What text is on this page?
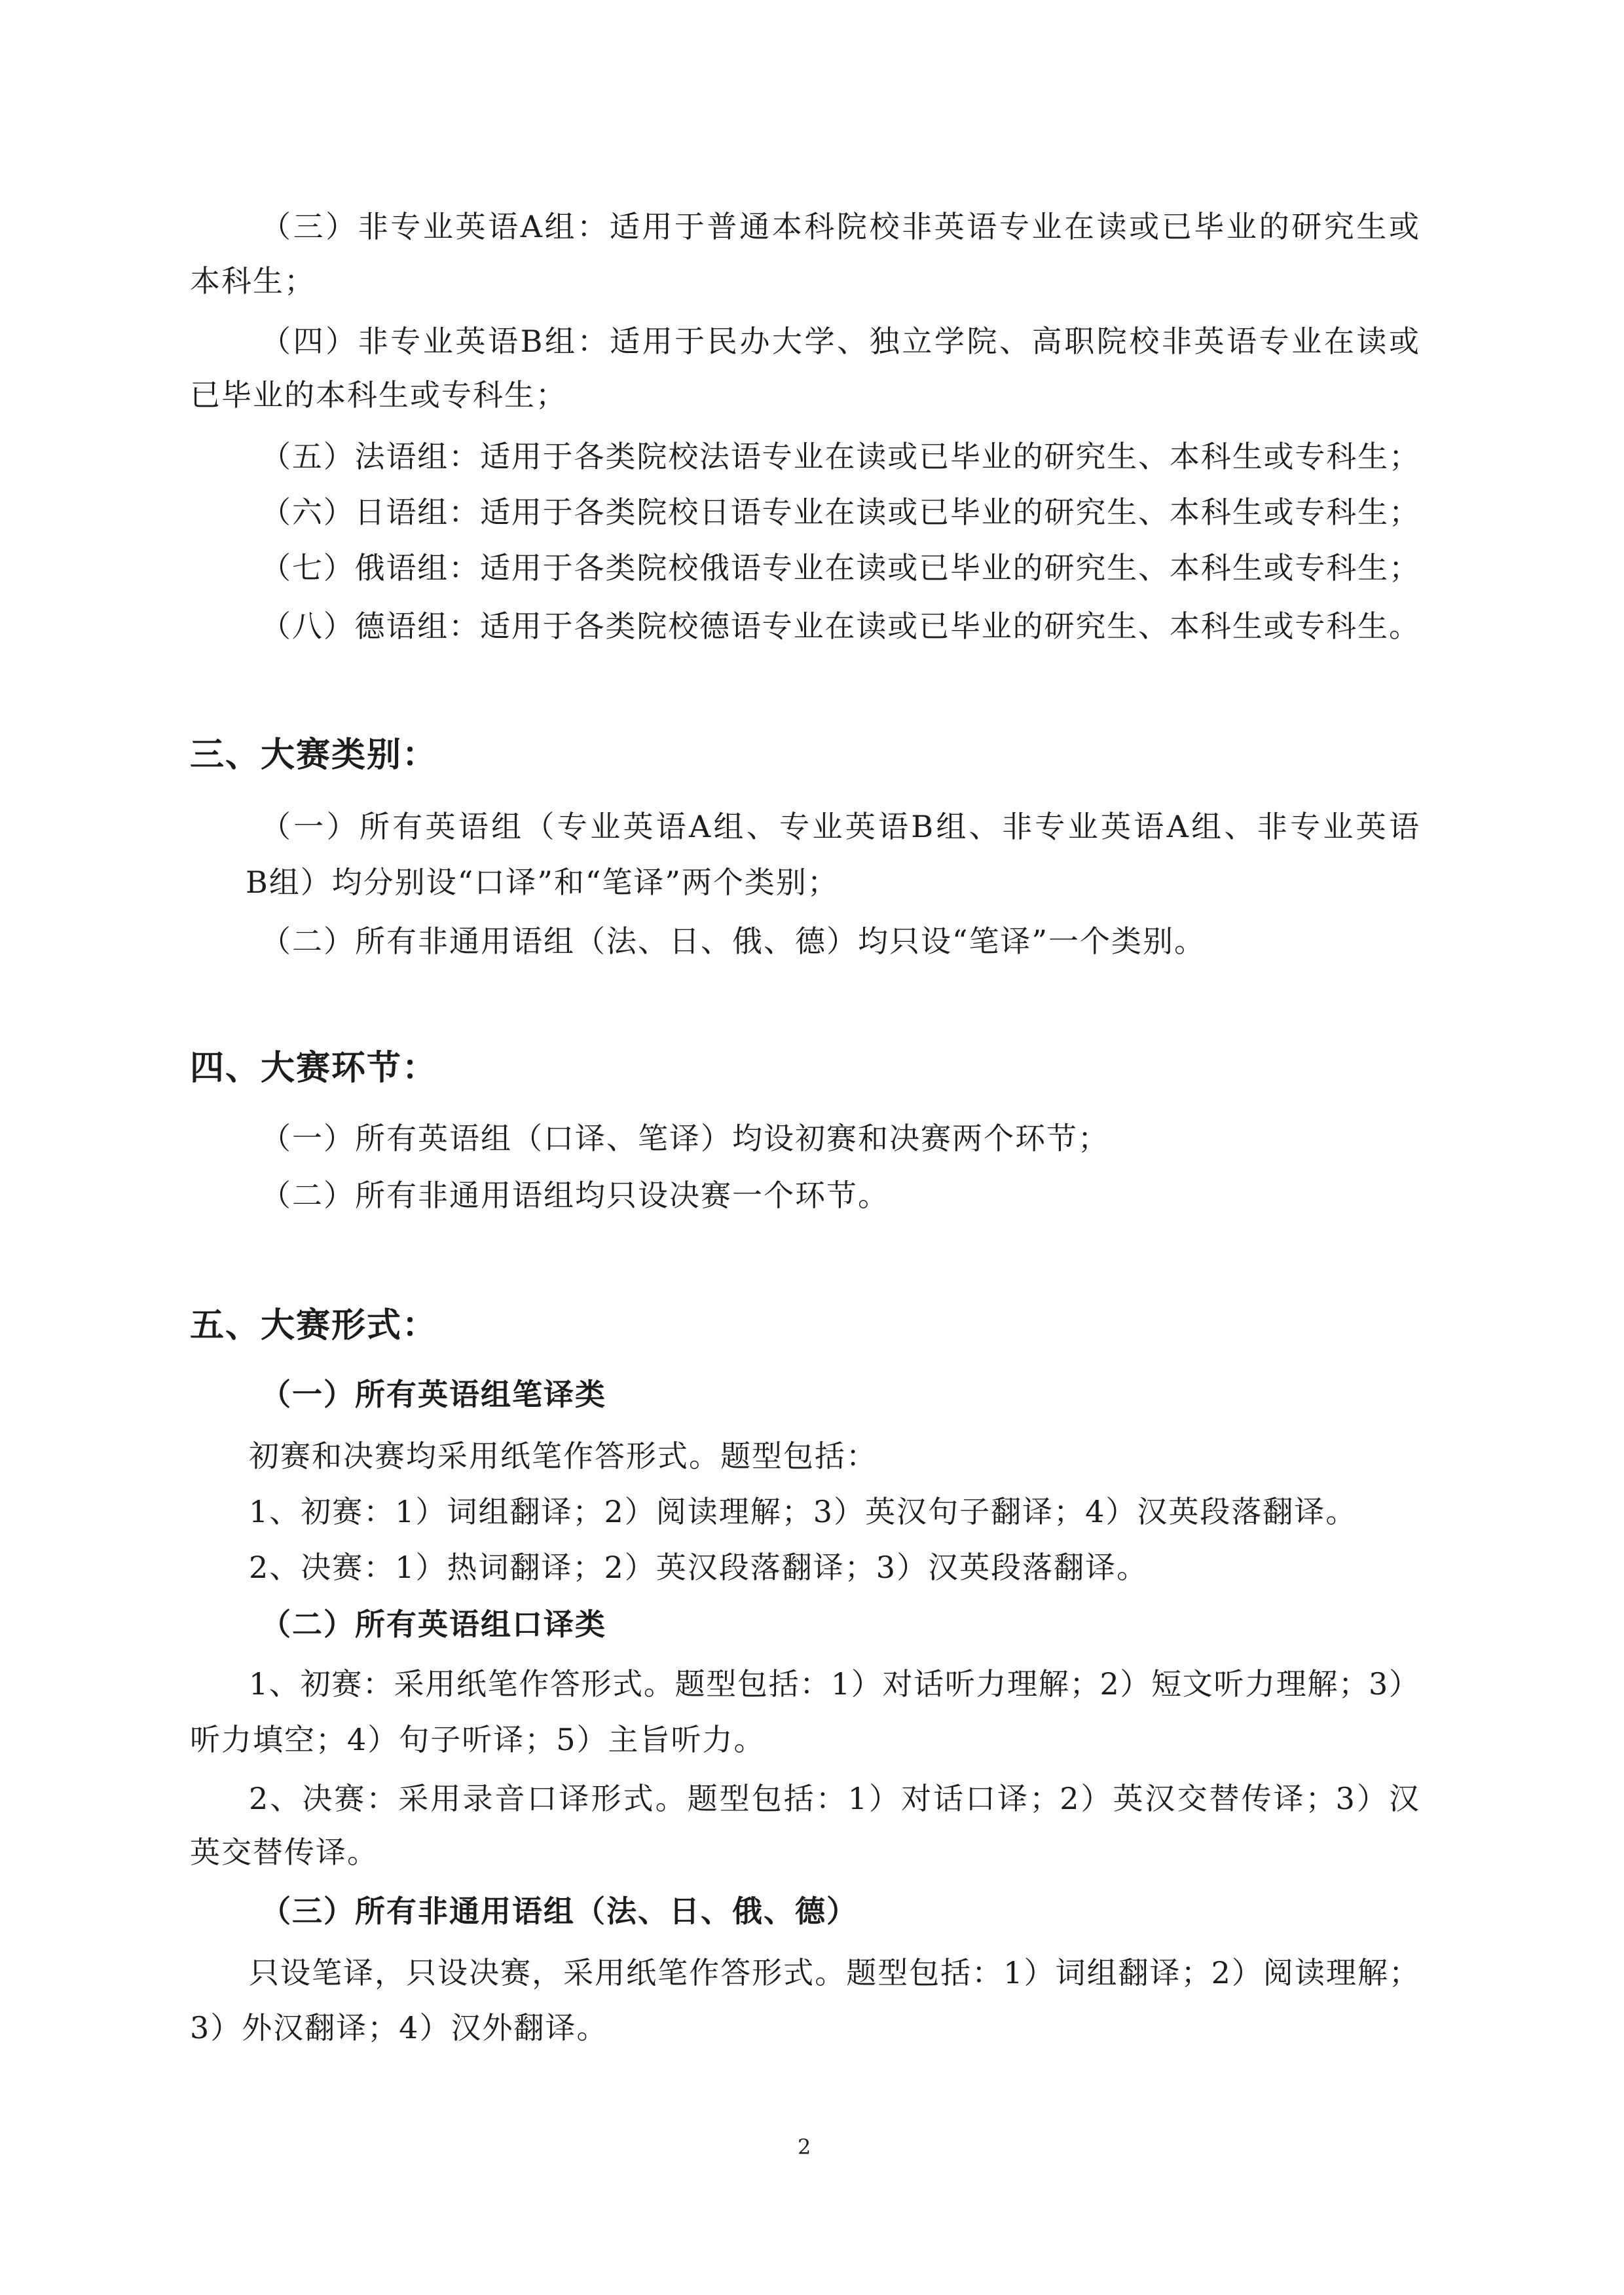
（三）非专业英语A组：适用于普通本科院校非英语专业在读或已毕业的研究生或
本科生；
（四）非专业英语B组：适用于民办大学、独立学院、高职院校非英语专业在读或
已毕业的本科生或专科生；
（五）法语组：适用于各类院校法语专业在读或已毕业的研究生、本科生或专科生；
（六）日语组：适用于各类院校日语专业在读或已毕业的研究生、本科生或专科生；
（七）俄语组：适用于各类院校俄语专业在读或已毕业的研究生、本科生或专科生；
（八）德语组：适用于各类院校德语专业在读或已毕业的研究生、本科生或专科生。
三、大赛类别：
（一）所有英语组（专业英语A组、专业英语B组、非专业英语A组、非专业英语
B组）均分别设“口译”和“笔译”两个类别；
（二）所有非通用语组（法、日、俄、德）均只设“笔译”一个类别。
四、大赛环节：
（一）所有英语组（口译、笔译）均设初赛和决赛两个环节；
（二）所有非通用语组均只设决赛一个环节。
五、大赛形式：
（一）所有英语组笔译类
初赛和决赛均采用纸笔作答形式。题型包括：
1、初赛：1）词组翻译；2）阅读理解；3）英汉句子翻译；4）汉英段落翻译。
2、决赛：1）热词翻译；2）英汉段落翻译；3）汉英段落翻译。
（二）所有英语组口译类
1、初赛：采用纸笔作答形式。题型包括：1）对话听力理解；2）短文听力理解；3）
听力填空；4）句子听译；5）主旨听力。
2、决赛：采用录音口译形式。题型包括：1）对话口译；2）英汉交替传译；3）汉
英交替传译。
（三）所有非通用语组（法、日、俄、德）
只设笔译，只设决赛，采用纸笔作答形式。题型包括：1）词组翻译；2）阅读理解；
3）外汉翻译；4）汉外翻译。
2
